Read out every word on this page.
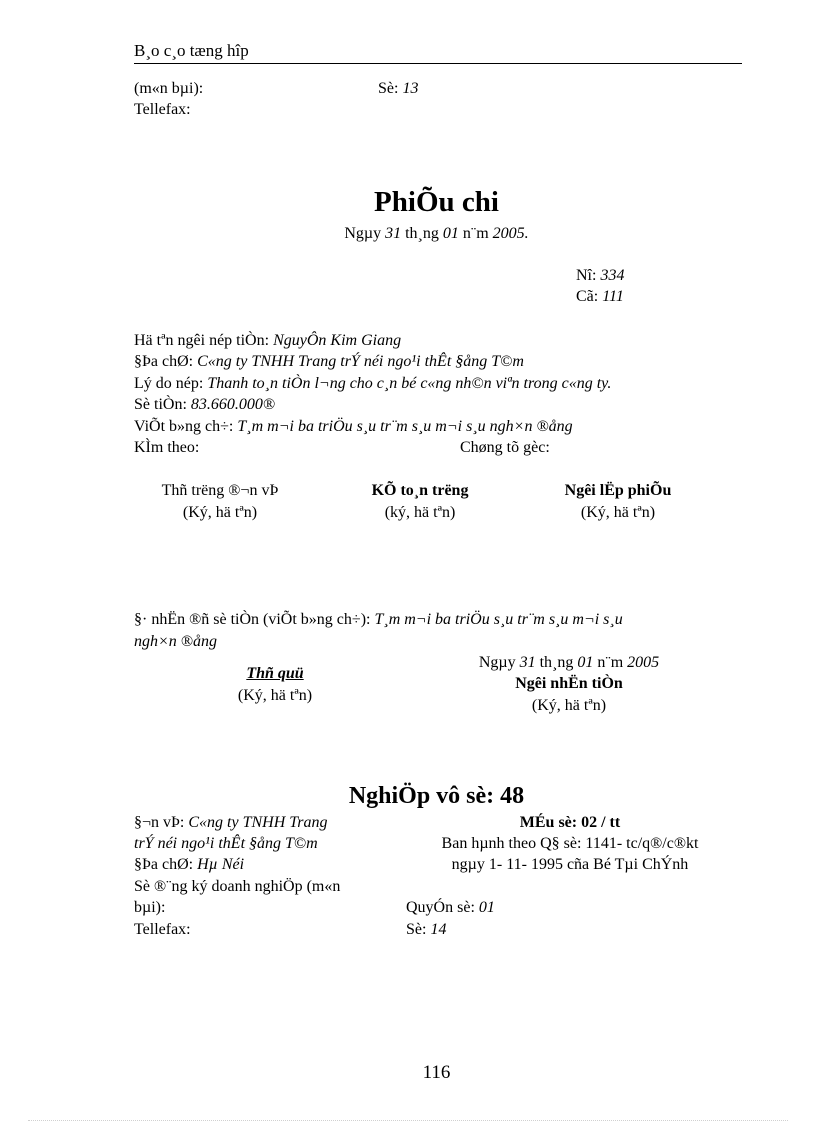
B¸o c¸o tæng hîp
(m«n bµi):	Sè: 13
Tellefax:
PhiÕu chi
Ngµy 31 th¸ng 01 n¨m 2005.
Nî: 334
Cã: 111
Hä tªn ngêi nép tiÒn: NguyÔn Kim Giang
§Þa chØ: C«ng ty TNHH Trang trÝ néi ngo¹i thÊt §ång T©m
Lý do nép: Thanh to¸n tiÒn l¬ng cho c¸n bé c«ng nh©n viªn trong c«ng ty.
Sè tiÒn: 83.660.000®
ViÕt b»ng ch÷: T¸m m¬i ba triÖu s¸u tr¨m s¸u m¬i s¸u ngh×n ®ång
KÌm theo:	Chøng tõ gèc:
Thñ trëng ®¬n vÞ
(Ký, hä tªn)
KÕ to¸n trëng
(ký, hä tªn)
Ngêi lËp phiÕu
(Ký, hä tªn)
§· nhËn ®ñ sè tiÒn (viÕt b»ng ch÷): T¸m m¬i ba triÖu s¸u tr¨m s¸u m¬i s¸u
ngh×n ®ång
Thñ quü
(Ký, hä tªn)
Ngµy 31 th¸ng 01 n¨m 2005
Ngêi nhËn tiÒn
(Ký, hä tªn)
NghiÖp vô sè: 48
§¬n vÞ: C«ng ty TNHH Trang
trÝ néi ngo¹i thÊt §ång T©m
§Þa chØ: Hµ Néi
Sè ®¨ng ký doanh nghiÖp (m«n
bµi):
Tellefax:
MÉu sè: 02 / tt
Ban hµnh theo Q§ sè: 1141- tc/q®/c®kt
ngµy 1- 11- 1995 cña Bé Tµi ChÝnh
QuyÓn sè: 01
Sè: 14
116
